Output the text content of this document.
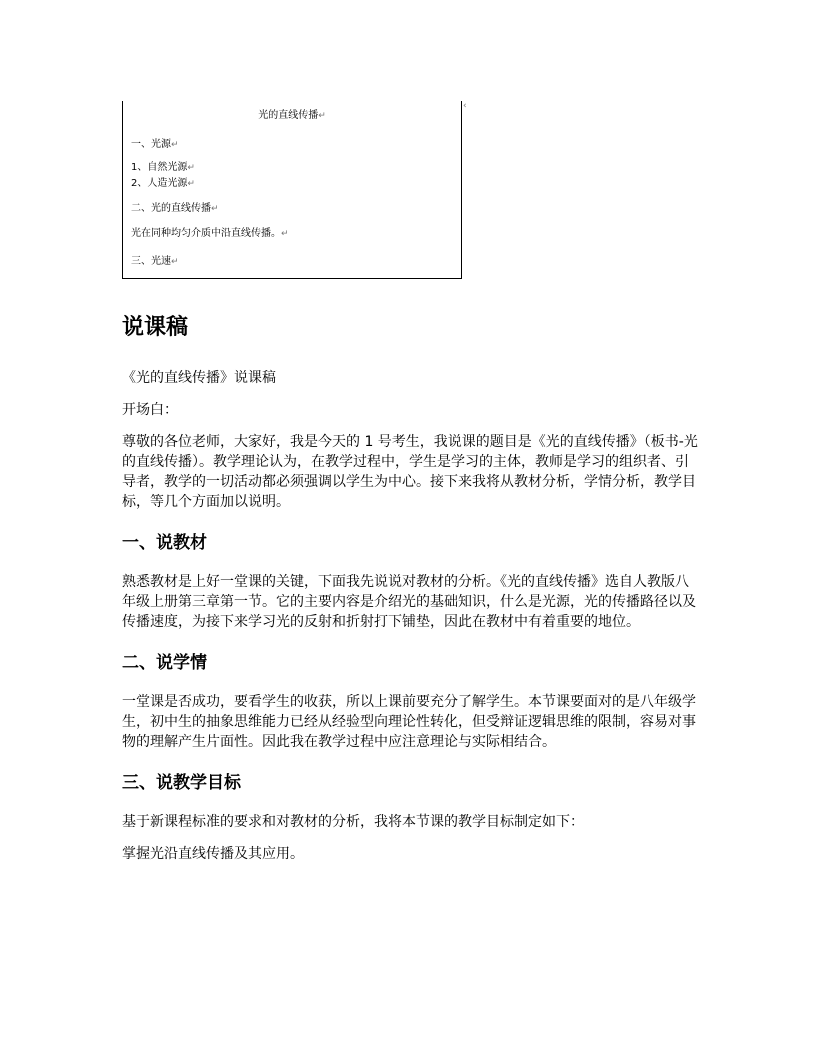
光的直线传播↵
一、光源↵
1、自然光源↵
2、人造光源↵
二、光的直线传播↵
光在同种均匀介质中沿直线传播。↵
三、光速↵
‹
说课稿

《光的直线传播》说课稿

开场白：

尊敬的各位老师，大家好，我是今天的 1 号考生，我说课的题目是《光的直线传播》（板书-光的直线传播）。教学理论认为，在教学过程中，学生是学习的主体，教师是学习的组织者、引导者，教学的一切活动都必须强调以学生为中心。接下来我将从教材分析，学情分析，教学目标，等几个方面加以说明。

一、说教材

熟悉教材是上好一堂课的关键，下面我先说说对教材的分析。《光的直线传播》选自人教版八年级上册第三章第一节。它的主要内容是介绍光的基础知识，什么是光源，光的传播路径以及传播速度，为接下来学习光的反射和折射打下铺垫，因此在教材中有着重要的地位。

二、说学情

一堂课是否成功，要看学生的收获，所以上课前要充分了解学生。本节课要面对的是八年级学生，初中生的抽象思维能力已经从经验型向理论性转化，但受辩证逻辑思维的限制，容易对事物的理解产生片面性。因此我在教学过程中应注意理论与实际相结合。

三、说教学目标

基于新课程标准的要求和对教材的分析，我将本节课的教学目标制定如下：

掌握光沿直线传播及其应用。
